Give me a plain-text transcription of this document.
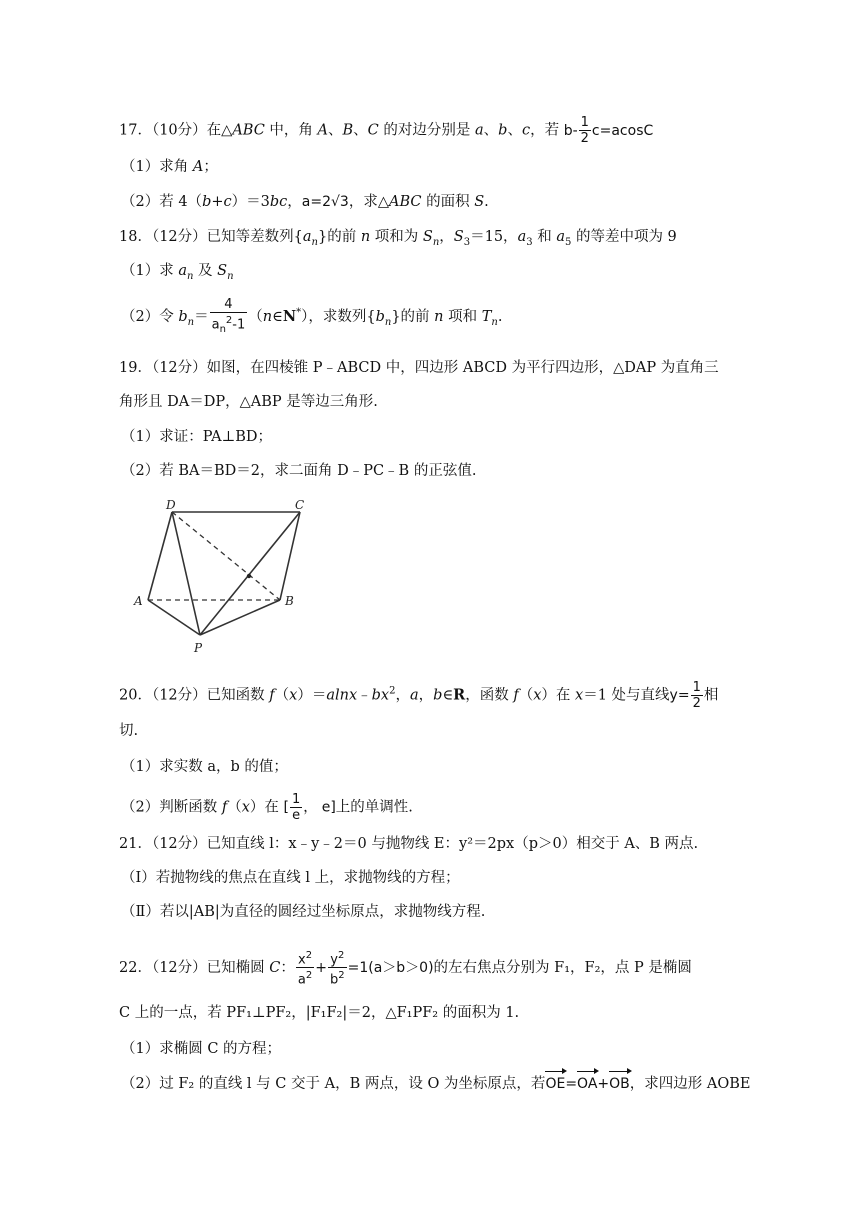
17．（10分）在△ABC 中，角 A、B、C 的对边分别是 a、b、c，若 $b- \frac{1}{2} c=acosC$
（1）求角 A；
（2）若 4（b+c）＝3bc，a=2√3，求△ABC 的面积 S.
18．（12分）已知等差数列$\{a_n\}$的前 n 项和为 $S_n$，$S_3=15$，$a_3$ 和 $a_5$ 的等差中项为 9
（1）求 $a_n$ 及 $S_n$
（2）令 $b_n= \frac{4}{a_n^2-1}$ （n∈N*），求数列$\{b_n\}$的前 n 项和 $T_n$.
19．（12分）如图，在四棱锥 P﹣ABCD 中，四边形 ABCD 为平行四边形，△DAP 为直角三
角形且 DA＝DP，△ABP 是等边三角形.
（1）求证：PA⊥BD；
（2）若 BA＝BD＝2，求二面角 D﹣PC﹣B 的正弦值.
D	C
A	B
P
20．（12分）已知函数 $f(x)=alnx﹣bx^2$，a，b∈R，函数 f（x）在 x＝1 处与直线$y= \frac{1}{2}$ 相
切.
（1）求实数 a，b 的值；
（2）判断函数 f（x）在 [ $\frac{1}{e}$ ， e]上的单调性.
21．（12分）已知直线 l：x﹣y﹣2＝0 与抛物线 E：y²＝2px（p＞0）相交于 A、B 两点.
（Ⅰ）若抛物线的焦点在直线 l 上，求抛物线的方程；
（Ⅱ）若以|AB|为直径的圆经过坐标原点，求抛物线方程.
22．（12分）已知椭圆 C： $\frac{x^2}{a^2} + \frac{y^2}{b^2} =1(a>b>0)$的左右焦点分别为 F₁，F₂，点 P 是椭圆
C 上的一点，若 PF₁⊥PF₂，|F₁F₂|＝2，△F₁PF₂ 的面积为 1.
（1）求椭圆 C 的方程；
（2）过 F₂ 的直线 l 与 C 交于 A，B 两点，设 O 为坐标原点，若OE=OA+OB，求四边形 AOBE
